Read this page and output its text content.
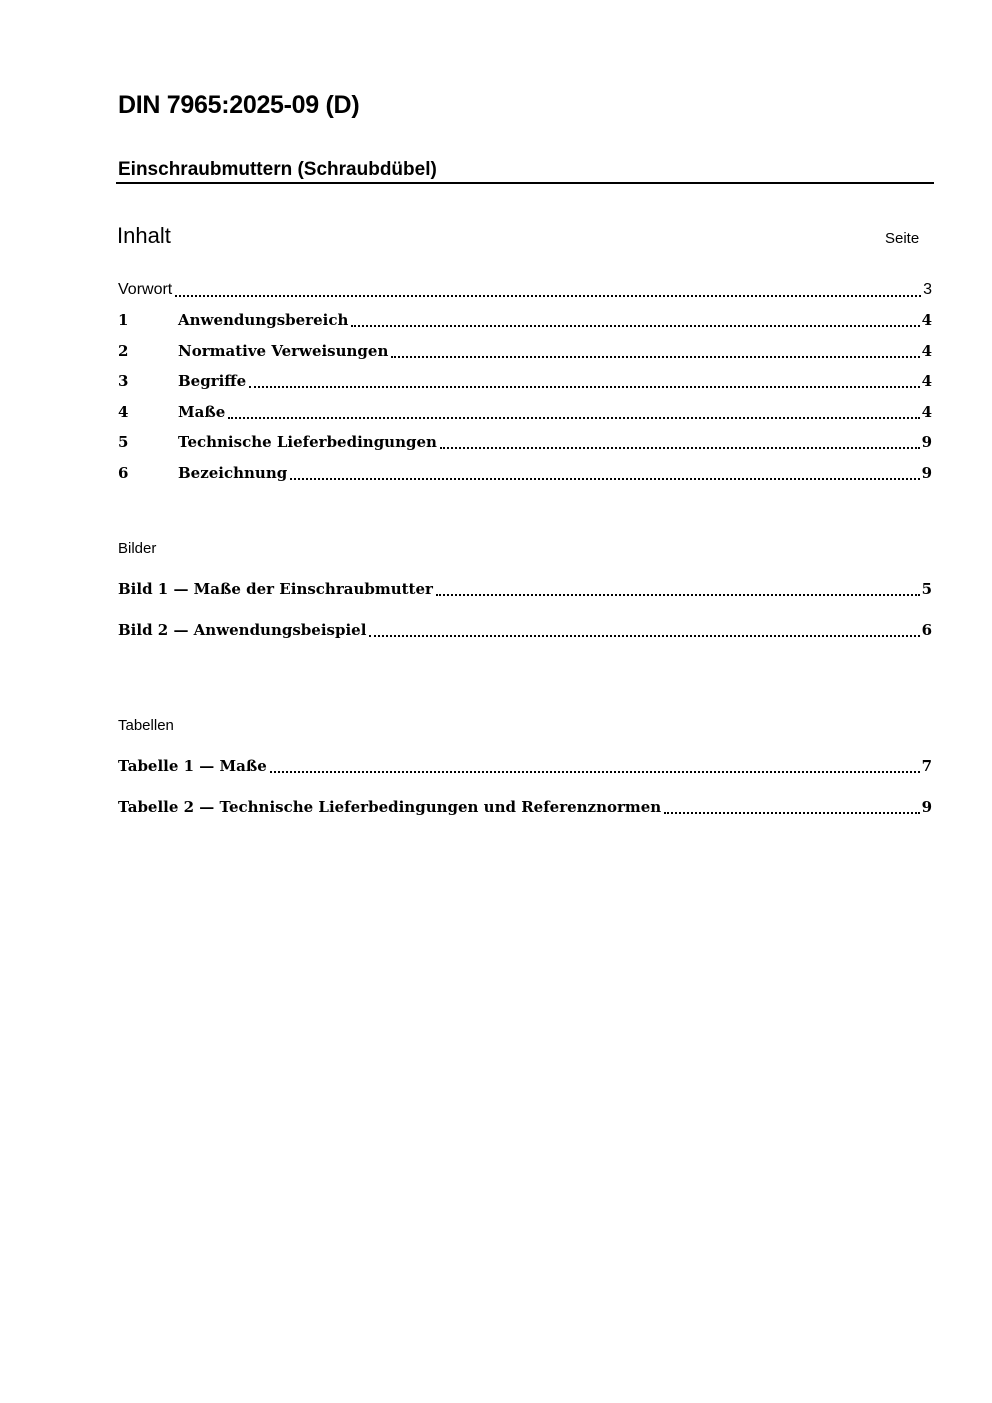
DIN 7965:2025-09 (D)
Einschraubmuttern (Schraubdübel)
Inhalt	Seite
Vorwort	3
1	Anwendungsbereich	4
2	Normative Verweisungen	4
3	Begriffe	4
4	Maße	4
5	Technische Lieferbedingungen	9
6	Bezeichnung	9
Bilder
Bild 1 — Maße der Einschraubmutter	5
Bild 2 — Anwendungsbeispiel	6
Tabellen
Tabelle 1 — Maße	7
Tabelle 2 — Technische Lieferbedingungen und Referenznormen	9
